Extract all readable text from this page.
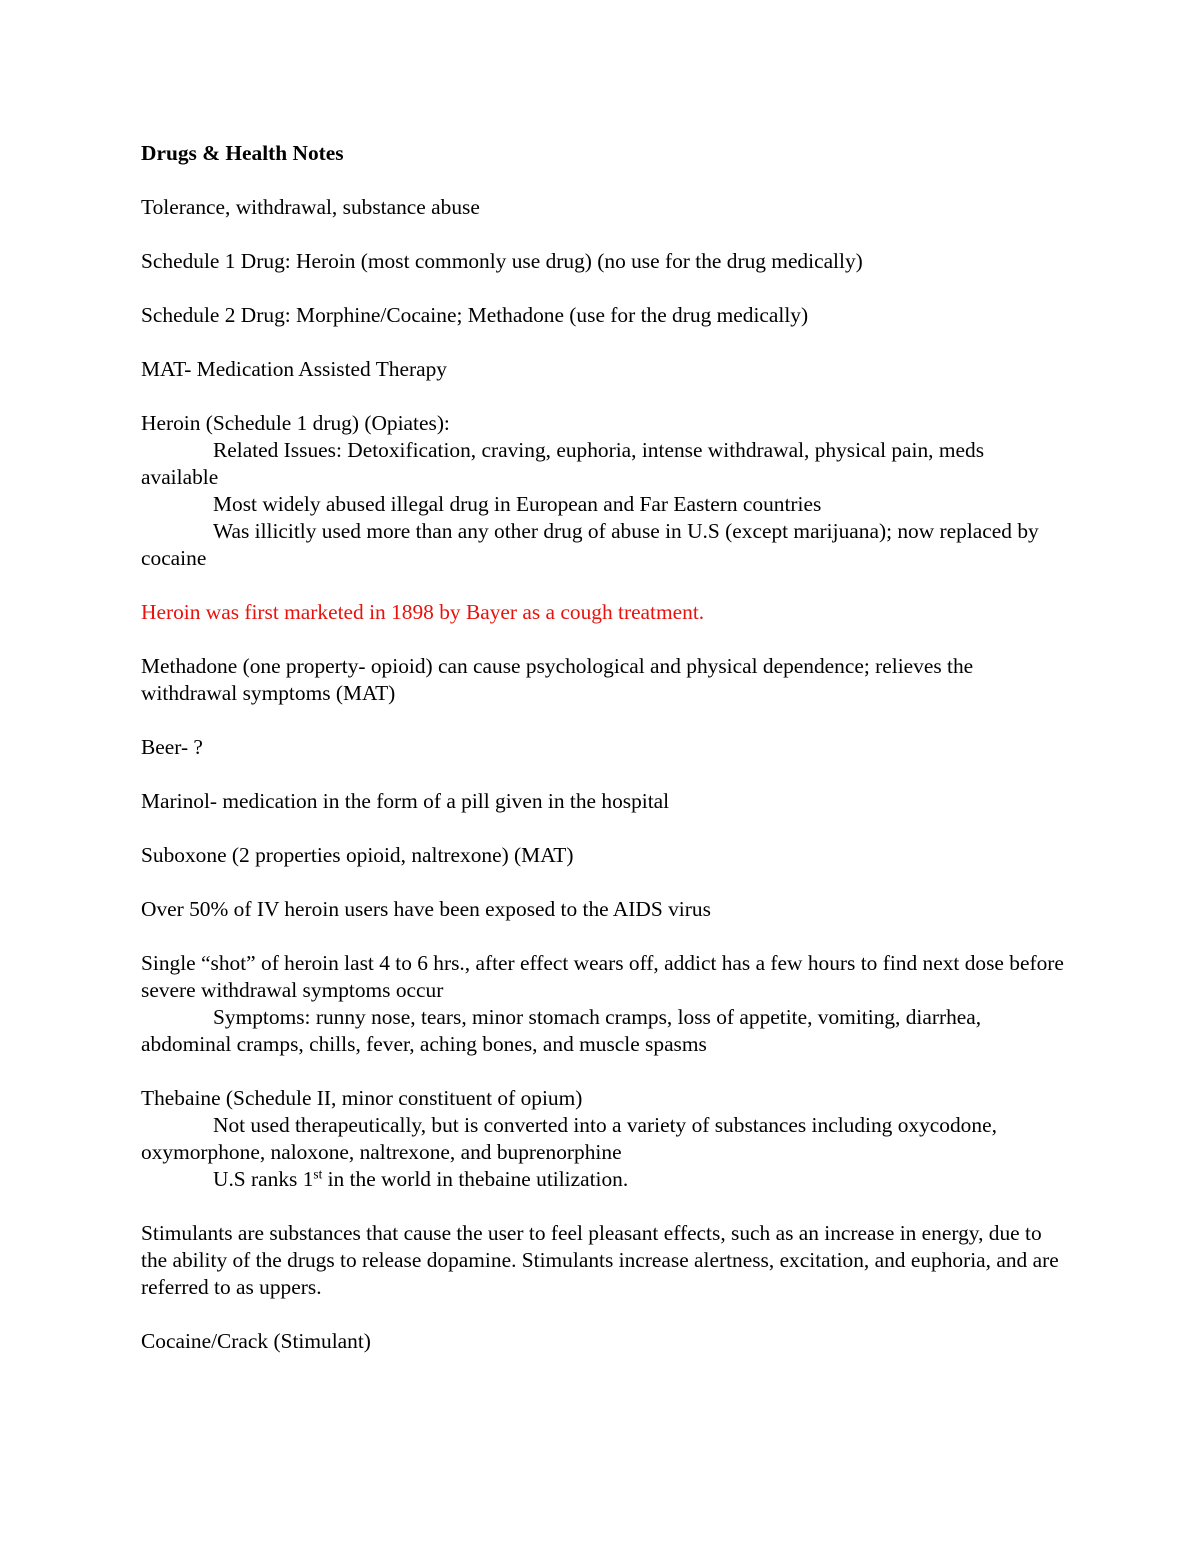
Drugs & Health Notes

Tolerance, withdrawal, substance abuse

Schedule 1 Drug: Heroin (most commonly use drug) (no use for the drug medically)

Schedule 2 Drug: Morphine/Cocaine; Methadone (use for the drug medically)

MAT- Medication Assisted Therapy

Heroin (Schedule 1 drug) (Opiates):

Related Issues: Detoxification, craving, euphoria, intense withdrawal, physical pain, meds available

Most widely abused illegal drug in European and Far Eastern countries

Was illicitly used more than any other drug of abuse in U.S (except marijuana); now replaced by cocaine

Heroin was first marketed in 1898 by Bayer as a cough treatment.

Methadone (one property- opioid) can cause psychological and physical dependence; relieves the withdrawal symptoms (MAT)

Beer- ?

Marinol- medication in the form of a pill given in the hospital

Suboxone (2 properties opioid, naltrexone) (MAT)

Over 50% of IV heroin users have been exposed to the AIDS virus

Single “shot” of heroin last 4 to 6 hrs., after effect wears off, addict has a few hours to find next dose before severe withdrawal symptoms occur

Symptoms: runny nose, tears, minor stomach cramps, loss of appetite, vomiting, diarrhea, abdominal cramps, chills, fever, aching bones, and muscle spasms

Thebaine (Schedule II, minor constituent of opium)

Not used therapeutically, but is converted into a variety of substances including oxycodone, oxymorphone, naloxone, naltrexone, and buprenorphine

U.S ranks 1st in the world in thebaine utilization.

Stimulants are substances that cause the user to feel pleasant effects, such as an increase in energy, due to the ability of the drugs to release dopamine. Stimulants increase alertness, excitation, and euphoria, and are referred to as uppers.

Cocaine/Crack (Stimulant)
